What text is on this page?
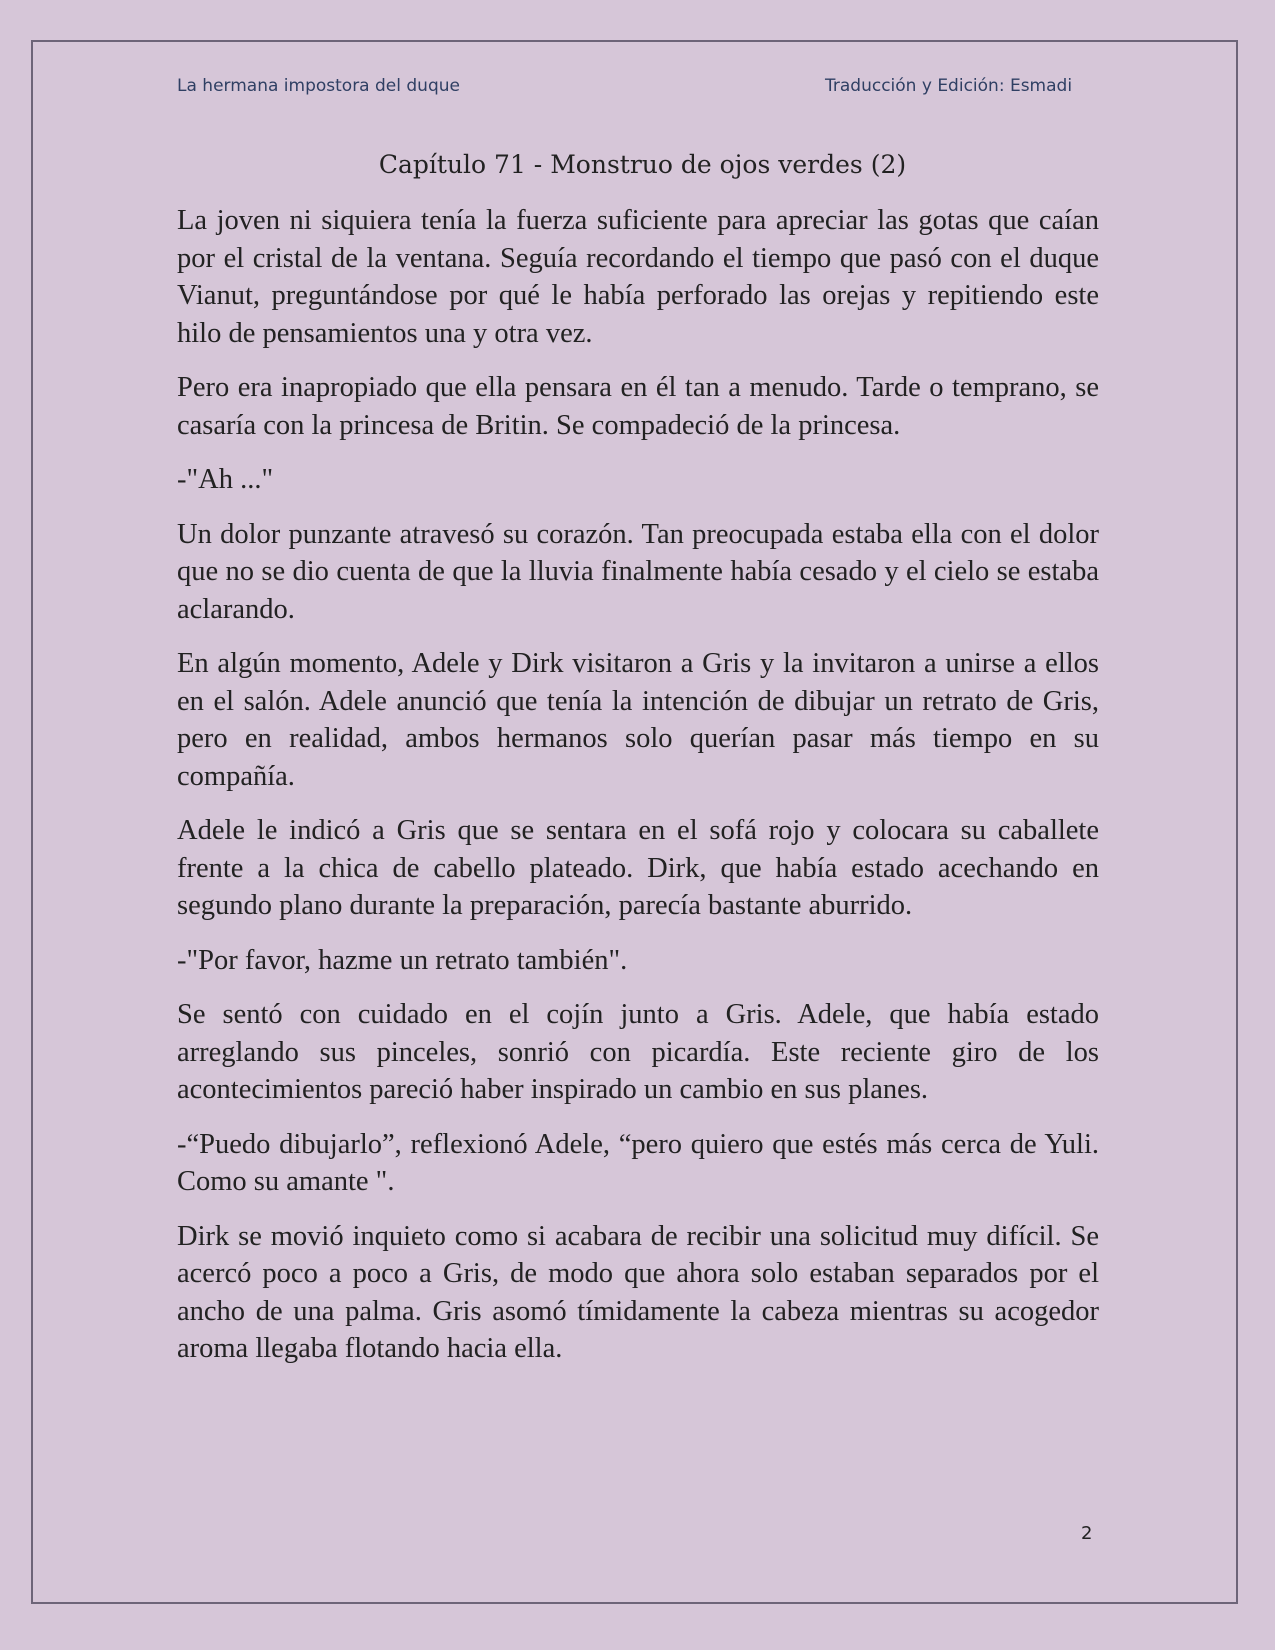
La hermana impostora del duque	Traducción y Edición: Esmadi
Capítulo 71 - Monstruo de ojos verdes (2)

La joven ni siquiera tenía la fuerza suficiente para apreciar las gotas que caían por el cristal de la ventana. Seguía recordando el tiempo que pasó con el duque Vianut, preguntándose por qué le había perforado las orejas y repitiendo este hilo de pensamientos una y otra vez.

Pero era inapropiado que ella pensara en él tan a menudo. Tarde o temprano, se casaría con la princesa de Britin. Se compadeció de la princesa.

-"Ah ..."

Un dolor punzante atravesó su corazón. Tan preocupada estaba ella con el dolor que no se dio cuenta de que la lluvia finalmente había cesado y el cielo se estaba aclarando.

En algún momento, Adele y Dirk visitaron a Gris y la invitaron a unirse a ellos en el salón. Adele anunció que tenía la intención de dibujar un retrato de Gris, pero en realidad, ambos hermanos solo querían pasar más tiempo en su compañía.

Adele le indicó a Gris que se sentara en el sofá rojo y colocara su caballete frente a la chica de cabello plateado. Dirk, que había estado acechando en segundo plano durante la preparación, parecía bastante aburrido.

-"Por favor, hazme un retrato también".

Se sentó con cuidado en el cojín junto a Gris. Adele, que había estado arreglando sus pinceles, sonrió con picardía. Este reciente giro de los acontecimientos pareció haber inspirado un cambio en sus planes.

-“Puedo dibujarlo”, reflexionó Adele, “pero quiero que estés más cerca de Yuli. Como su amante ".

Dirk se movió inquieto como si acabara de recibir una solicitud muy difícil. Se acercó poco a poco a Gris, de modo que ahora solo estaban separados por el ancho de una palma. Gris asomó tímidamente la cabeza mientras su acogedor aroma llegaba flotando hacia ella.

2
